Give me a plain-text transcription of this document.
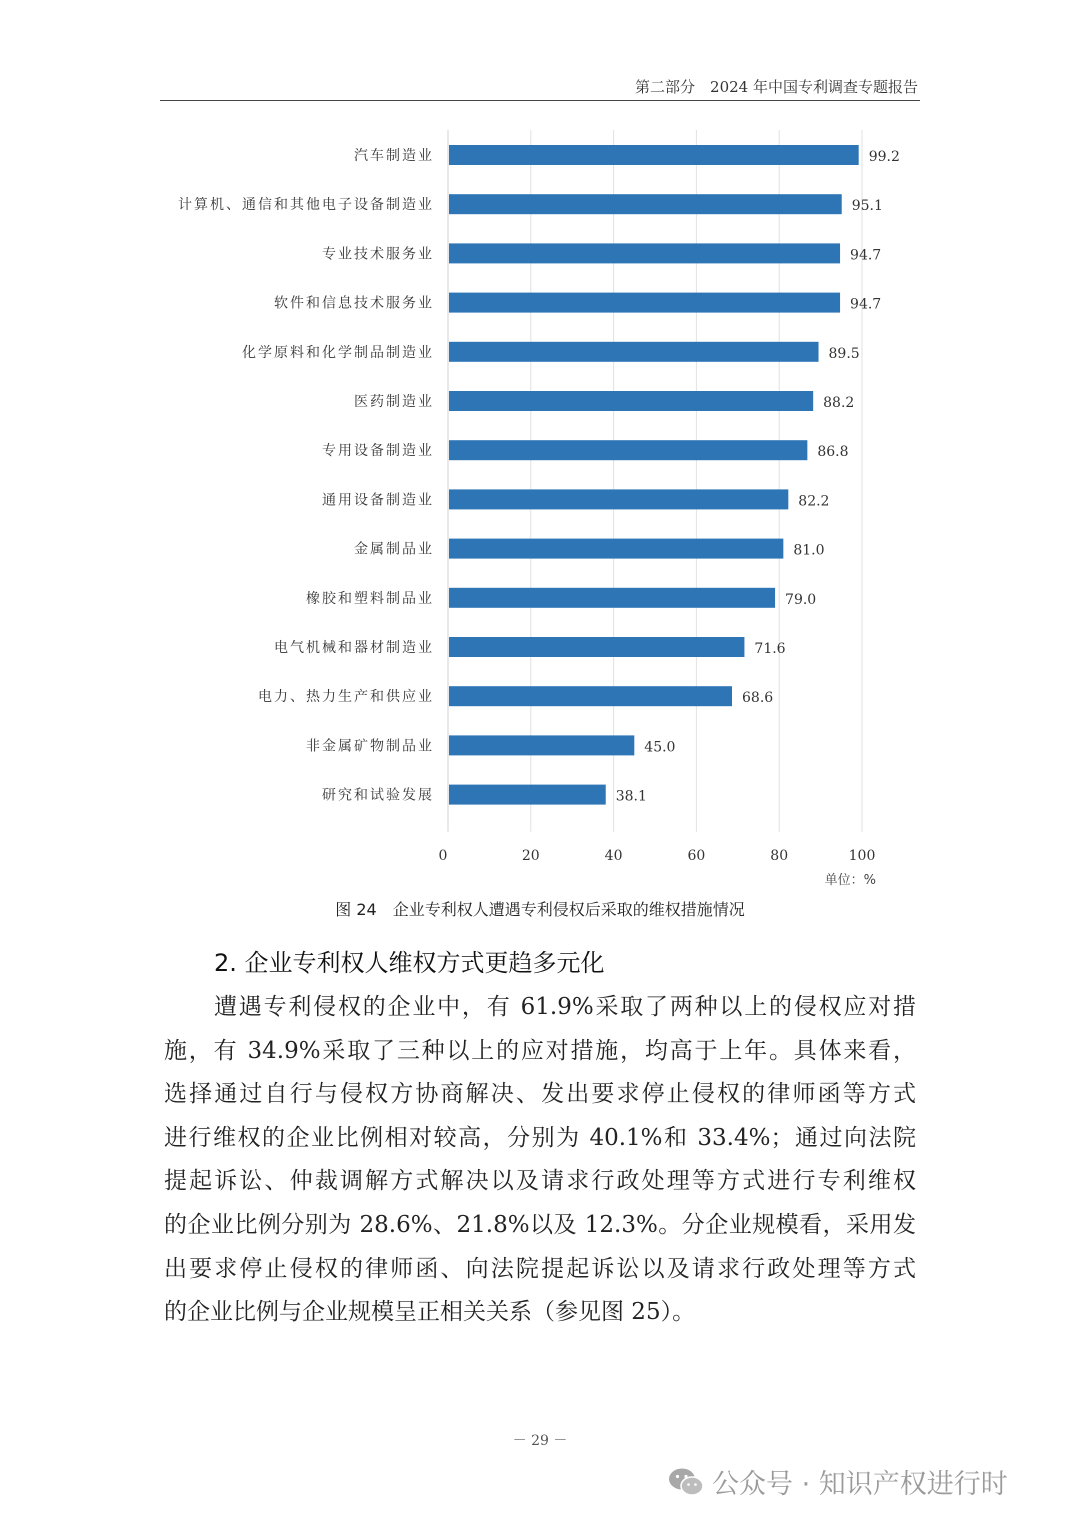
第二部分　2024 年中国专利调查专题报告
0	20	40	60	80	100
汽车制造业	99.2
计算机、通信和其他电子设备制造业	95.1
专业技术服务业	94.7
软件和信息技术服务业	94.7
化学原料和化学制品制造业	89.5
医药制造业	88.2
专用设备制造业	86.8
通用设备制造业	82.2
金属制品业	81.0
橡胶和塑料制品业	79.0
电气机械和器材制造业	71.6
电力、热力生产和供应业	68.6
非金属矿物制品业	45.0
研究和试验发展	38.1
单位：%
图 24　企业专利权人遭遇专利侵权后采取的维权措施情况
2. 企业专利权人维权方式更趋多元化
遭遇专利侵权的企业中，有 61.9%采取了两种以上的侵权应对措
施，有 34.9%采取了三种以上的应对措施，均高于上年。具体来看，
选择通过自行与侵权方协商解决、发出要求停止侵权的律师函等方式
进行维权的企业比例相对较高，分别为 40.1%和 33.4%；通过向法院
提起诉讼、仲裁调解方式解决以及请求行政处理等方式进行专利维权
的企业比例分别为 28.6%、21.8%以及 12.3%。分企业规模看，采用发
出要求停止侵权的律师函、向法院提起诉讼以及请求行政处理等方式
的企业比例与企业规模呈正相关关系（参见图 25）。
－ 29 －
公众号 · 知识产权进行时
